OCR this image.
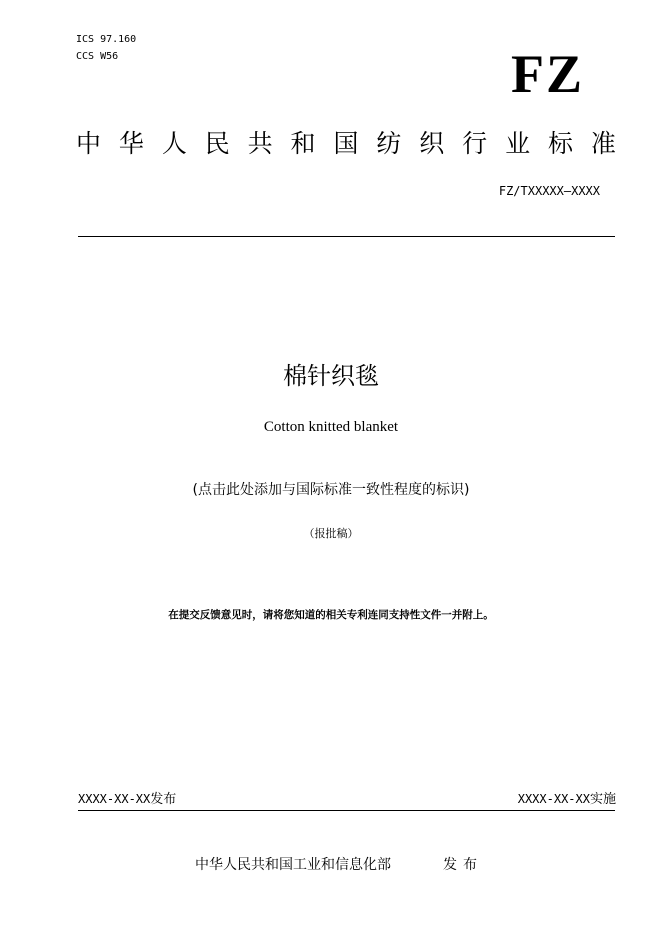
ICS 97.160
CCS W56	FZ
中 华 人 民 共 和 国 纺 织 行 业 标 准
FZ/TXXXXX—XXXX
棉针织毯
Cotton knitted blanket
(点击此处添加与国际标准一致性程度的标识)
（报批稿）
在提交反馈意见时，请将您知道的相关专利连同支持性文件一并附上。
XXXX-XX-XX发布	XXXX-XX-XX实施
中华人民共和国工业和信息化部	发布
